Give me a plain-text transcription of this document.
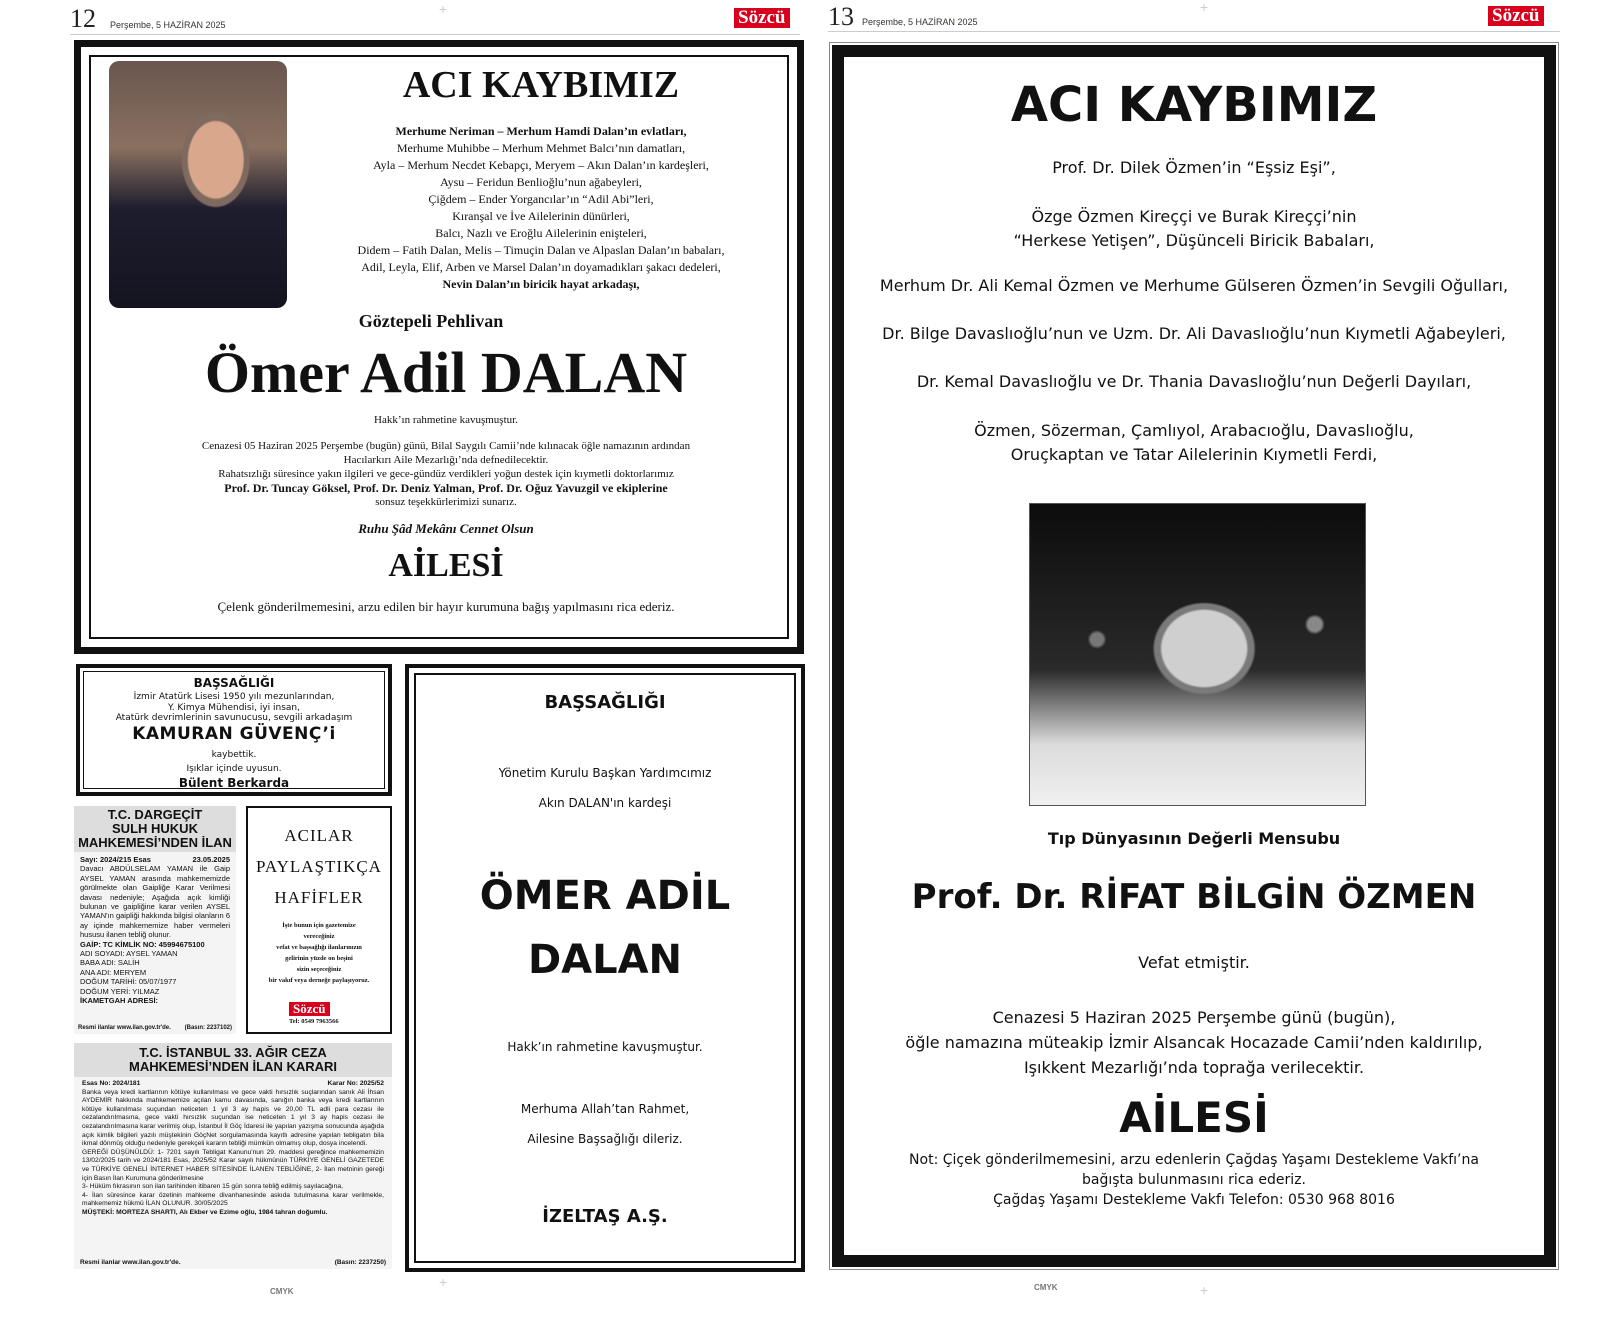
12 Perşembe, 5 HAZİRAN 2025	Sözcü
ACI KAYBIMIZ
Merhume Neriman – Merhum Hamdi Dalan’ın evlatları,
Merhume Muhibbe – Merhum Mehmet Balcı’nın damatları,
Ayla – Merhum Necdet Kebapçı, Meryem – Akın Dalan’ın kardeşleri,
Aysu – Feridun Benlioğlu’nun ağabeyleri,
Çiğdem – Ender Yorgancılar’ın “Adil Abi”leri,
Kıranşal ve İve Ailelerinin dünürleri,
Balcı, Nazlı ve Eroğlu Ailelerinin enişteleri,
Didem – Fatih Dalan, Melis – Timuçin Dalan ve Alpaslan Dalan’ın babaları,
Adil, Leyla, Elif, Arben ve Marsel Dalan’ın doyamadıkları şakacı dedeleri,
Nevin Dalan’ın biricik hayat arkadaşı,
Göztepeli Pehlivan
Ömer Adil DALAN
Hakk’ın rahmetine kavuşmuştur.
Cenazesi 05 Haziran 2025 Perşembe (bugün) günü, Bilal Saygılı Camii’nde kılınacak öğle namazının ardından
Hacılarkırı Aile Mezarlığı’nda defnedilecektir.
Rahatsızlığı süresince yakın ilgileri ve gece-gündüz verdikleri yoğun destek için kıymetli doktorlarımız
Prof. Dr. Tuncay Göksel, Prof. Dr. Deniz Yalman, Prof. Dr. Oğuz Yavuzgil ve ekiplerine
sonsuz teşekkürlerimizi sunarız.
Ruhu Şâd Mekânı Cennet Olsun
AİLESİ
Çelenk gönderilmemesini, arzu edilen bir hayır kurumuna bağış yapılmasını rica ederiz.
BAŞSAĞLIĞI
İzmir Atatürk Lisesi 1950 yılı mezunlarından,
Y. Kimya Mühendisi, iyi insan,
Atatürk devrimlerinin savunucusu, sevgili arkadaşım
KAMURAN GÜVENÇ’i
kaybettik.
Işıklar içinde uyusun.
Bülent Berkarda
T.C. DARGEÇİT
SULH HUKUK
MAHKEMESİ’NDEN İLAN
Sayı: 2024/215 Esas	23.05.2025
Davacı ABDÜLSELAM YAMAN ile Gaip AYSEL YAMAN arasında mahkememizde görülmekte olan Gaipliğe Karar Verilmesi davası nedeniyle; Aşağıda açık kimliği bulunan ve gaipliğine karar verilen AYSEL YAMAN'ın gaipliği hakkında bilgisi olanların 6 ay içinde mahkememize haber vermeleri hususu ilanen tebliğ olunur.
GAİP: TC KİMLİK NO: 45994675100
ADI SOYADI: AYSEL YAMAN
BABA ADI: SALİH
ANA ADI: MERYEM
DOĞUM TARİHİ: 05/07/1977
DOĞUM YERİ: YILMAZ
İKAMETGAH ADRESİ:
Resmi ilanlar www.ilan.gov.tr'de. (Basın: 2237102)
ACILAR
PAYLAŞTIKÇA
HAFİFLER
İşte bunun için gazetemize
vereceğiniz
vefat ve başsağlığı ilanlarınızın
gelirinin yüzde on beşini
sizin seçeceğiniz
bir vakıf veya derneğe paylaşıyoruz.
Sözcü
Tel: 0549 7963566
T.C. İSTANBUL 33. AĞIR CEZA
MAHKEMESİ’NDEN İLAN KARARI
Esas No: 2024/181	Karar No: 2025/52
Banka veya kredi kartlarının kötüye kullanılması ve gece vakti hırsızlık suçlarından sanık Ali İhsan AYDEMİR hakkında mahkememize açılan kamu davasında, sanığın banka veya kredi kartlarının kötüye kullanılması suçundan neticeten 1 yıl 3 ay hapis ve 20,00 TL adli para cezası ile cezalandırılmasına, gece vakti hırsızlık suçundan ise neticeten 1 yıl 3 ay hapis cezası ile cezalandırılmasına karar verilmiş olup, İstanbul İl Göç İdaresi ile yapılan yazışma sonucunda aşağıda açık kimlik bilgileri yazılı müştekinin GöçNet sorgulamasında kayıtlı adresine yapılan tebligatın bila ikmal dönmüş olduğu nedeniyle gerekçeli kararın tebliği mümkün olmamış olup, dosya incelendi.
GEREĞİ DÜŞÜNÜLDÜ: 1- 7201 sayılı Tebligat Kanunu'nun 29. maddesi gereğince mahkememizin 13/02/2025 tarih ve 2024/181 Esas, 2025/52 Karar sayılı hükmünün TÜRKİYE GENELİ GAZETEDE ve TÜRKİYE GENELİ İNTERNET HABER SİTESİNDE İLANEN TEBLİĞİNE, 2- İlan metninin gereği için Basın İlan Kurumuna gönderilmesine
3- Hüküm fıkrasının son ilan tarihinden itibaren 15 gün sonra tebliğ edilmiş sayılacağına,
4- İlan süresince karar özetinin mahkeme divanhanesinde askıda tutulmasına karar verilmekle, mahkememiz hükmü İLAN OLUNUR. 30/05/2025
MÜŞTEKİ: MORTEZA SHARTI, Alı Ekber ve Ezime oğlu, 1984 tahran doğumlu.
Resmi ilanlar www.ilan.gov.tr'de.	(Basın: 2237250)
BAŞSAĞLIĞI
Yönetim Kurulu Başkan Yardımcımız
Akın DALAN'ın kardeşi
ÖMER ADİL
DALAN
Hakk’ın rahmetine kavuşmuştur.
Merhuma Allah’tan Rahmet,
Ailesine Başsağlığı dileriz.
İZELTAŞ A.Ş.
CMYK
13 Perşembe, 5 HAZİRAN 2025	Sözcü
ACI KAYBIMIZ
Prof. Dr. Dilek Özmen’in “Eşsiz Eşi”,
Özge Özmen Kireççi ve Burak Kireççi’nin
“Herkese Yetişen”, Düşünceli Biricik Babaları,
Merhum Dr. Ali Kemal Özmen ve Merhume Gülseren Özmen’in Sevgili Oğulları,
Dr. Bilge Davaslıoğlu’nun ve Uzm. Dr. Ali Davaslıoğlu’nun Kıymetli Ağabeyleri,
Dr. Kemal Davaslıoğlu ve Dr. Thania Davaslıoğlu’nun Değerli Dayıları,
Özmen, Sözerman, Çamlıyol, Arabacıoğlu, Davaslıoğlu,
Oruçkaptan ve Tatar Ailelerinin Kıymetli Ferdi,
Tıp Dünyasının Değerli Mensubu
Prof. Dr. RİFAT BİLGİN ÖZMEN
Vefat etmiştir.
Cenazesi 5 Haziran 2025 Perşembe günü (bugün),
öğle namazına müteakip İzmir Alsancak Hocazade Camii’nden kaldırılıp,
Işıkkent Mezarlığı’nda toprağa verilecektir.
AİLESİ
Not: Çiçek gönderilmemesini, arzu edenlerin Çağdaş Yaşamı Destekleme Vakfı’na
bağışta bulunmasını rica ederiz.
Çağdaş Yaşamı Destekleme Vakfı Telefon: 0530 968 8016
CMYK
+	+
+	+
